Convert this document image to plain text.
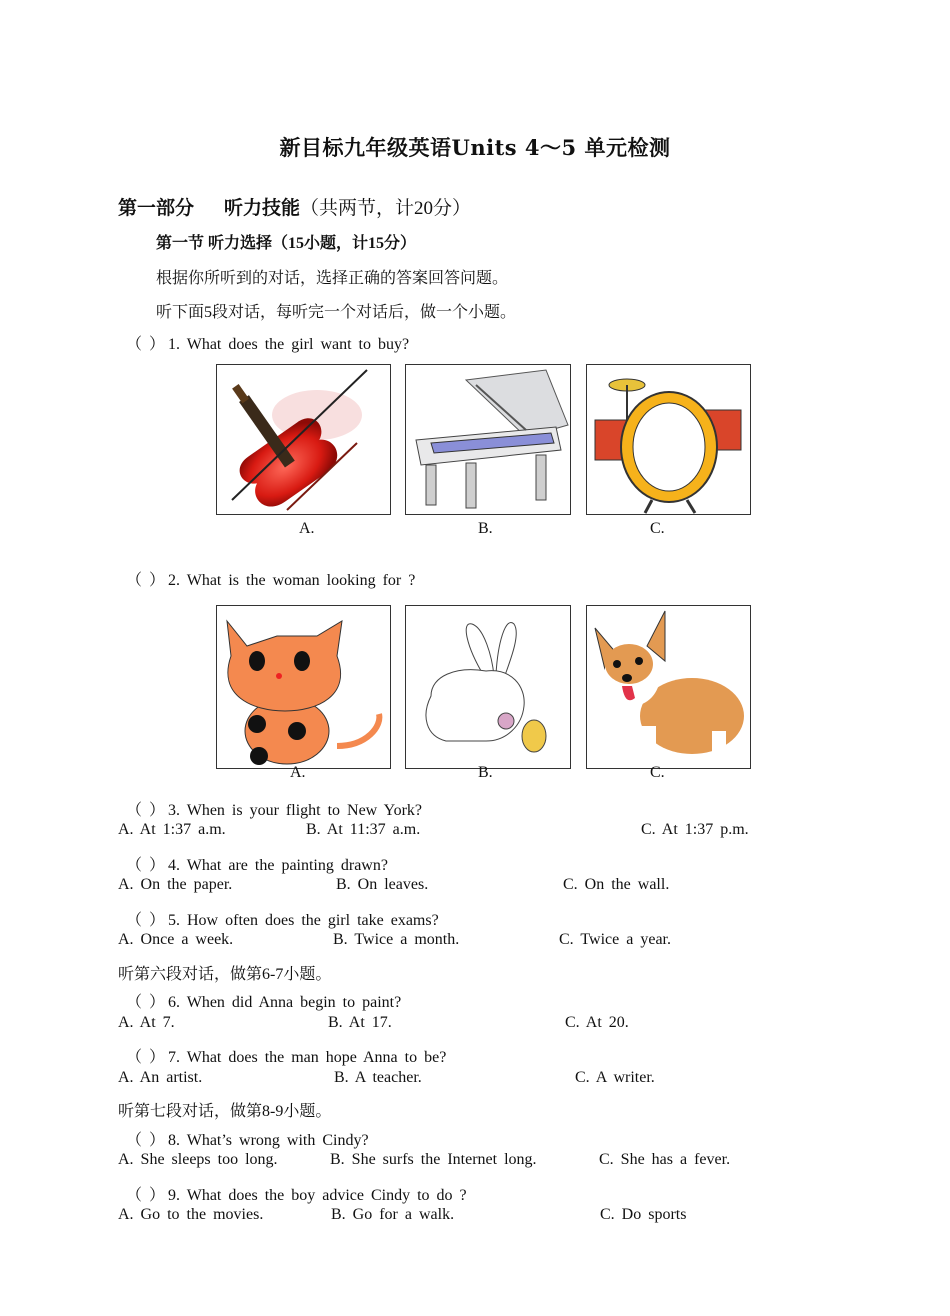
新目标九年级英语Units 4～5 单元检测
第一部分 听力技能（共两节，计20分）
第一节 听力选择（15小题，计15分）
根据你所听到的对话，选择正确的答案回答问题。
听下面5段对话，每听完一个对话后，做一个小题。
（ ） 1. What does the girl want to buy?
A.	B.	C.
（ ） 2. What is the woman looking for ?
A.	B.	C.
（ ） 3. When is your flight to New York?
A. At 1:37 a.m.	B. At 11:37 a.m.	C. At 1:37 p.m.
（ ） 4. What are the painting drawn?
A. On the paper.	B. On leaves.	C. On the wall.
（ ） 5. How often does the girl take exams?
A. Once a week.	B. Twice a month.	C. Twice a year.
听第六段对话，做第6-7小题。
（ ） 6. When did Anna begin to paint?
A. At 7.	B. At 17.	C. At 20.
（ ） 7. What does the man hope Anna to be?
A. An artist.	B. A teacher.	C. A writer.
听第七段对话，做第8-9小题。
（ ） 8. What’s wrong with Cindy?
A. She sleeps too long.	B. She surfs the Internet long.	C. She has a fever.
（ ） 9. What does the boy advice Cindy to do ?
A. Go to the movies.	B. Go for a walk.	C. Do sports
